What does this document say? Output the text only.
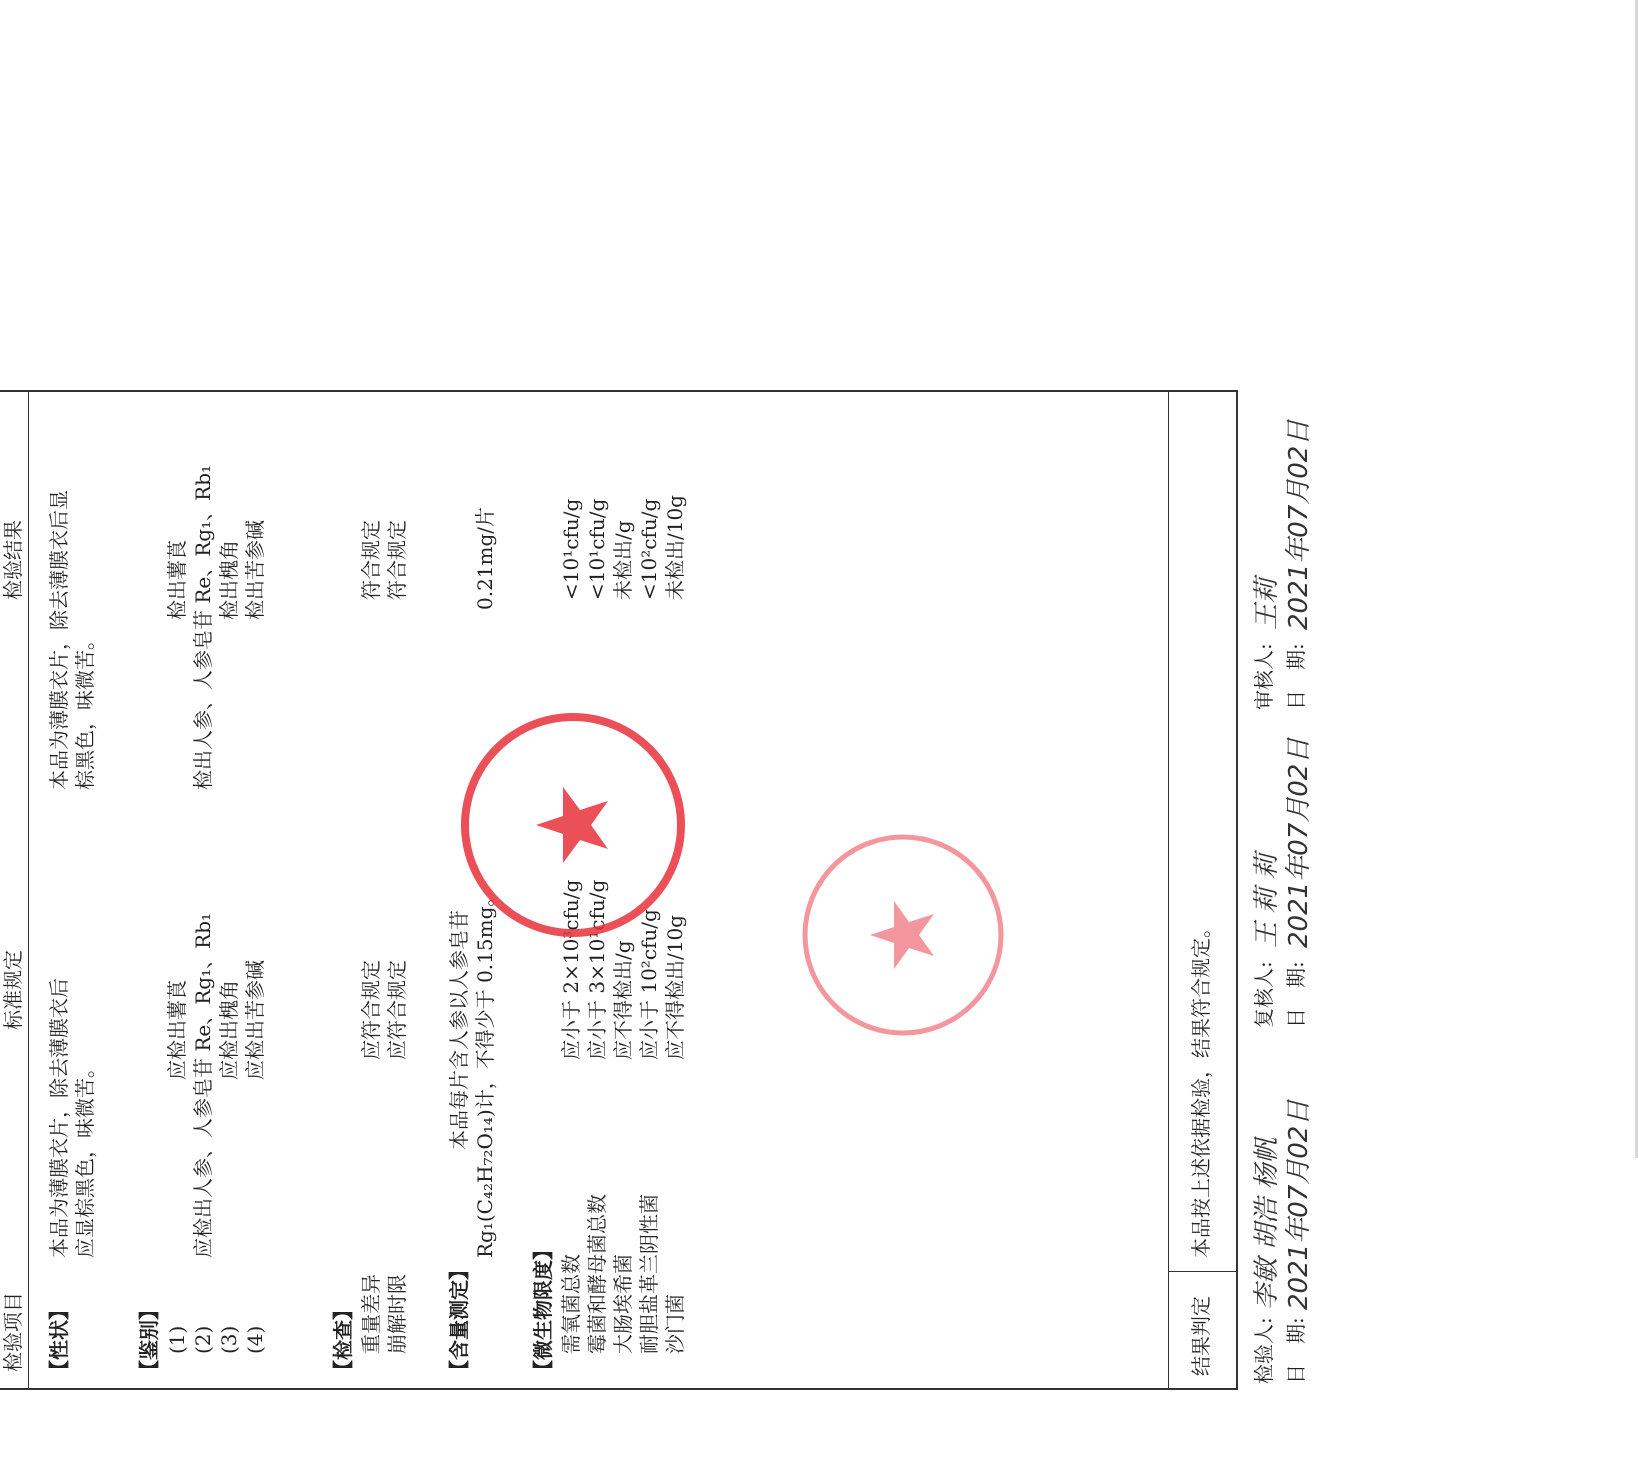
检验项目
标准规定
检验结果
【性状】
本品为薄膜衣片，除去薄膜衣后 应显棕黑色，味微苦。
本品为薄膜衣片，除去薄膜衣后显 棕黑色，味微苦。
【鉴别】 (1) (2) (3) (4)
应检出薯莨 应检出人参、人参皂苷 Re、Rg₁、Rb₁ 应检出槐角 应检出苦参碱
检出薯莨 检出人参、人参皂苷 Re、Rg₁、Rb₁ 检出槐角 检出苦参碱
【检查】 重量差异 崩解时限
应符合规定 应符合规定
符合规定 符合规定
【含量测定】
本品每片含人参以人参皂苷 Rg₁(C₄₂H₇₂O₁₄)计，不得少于 0.15mg。
0.21mg/片
【微生物限度】 需氧菌总数 霉菌和酵母菌总数 大肠埃希菌 耐胆盐革兰阴性菌 沙门菌
应小于 2×10³cfu/g 应小于 3×10¹cfu/g 应不得检出/g 应小于 10²cfu/g 应不得检出/10g
<10¹cfu/g <10¹cfu/g 未检出/g <10²cfu/g 未检出/10g
结果判定
本品按上述依据检验，结果符合规定。
检验人:
李敏 胡浩 杨帆
日　期:
2021年07月02日
复核人:
王 莉 莉
日　期:
2021年07月02日
审核人:
王莉
日　期:
2021年07月02日
